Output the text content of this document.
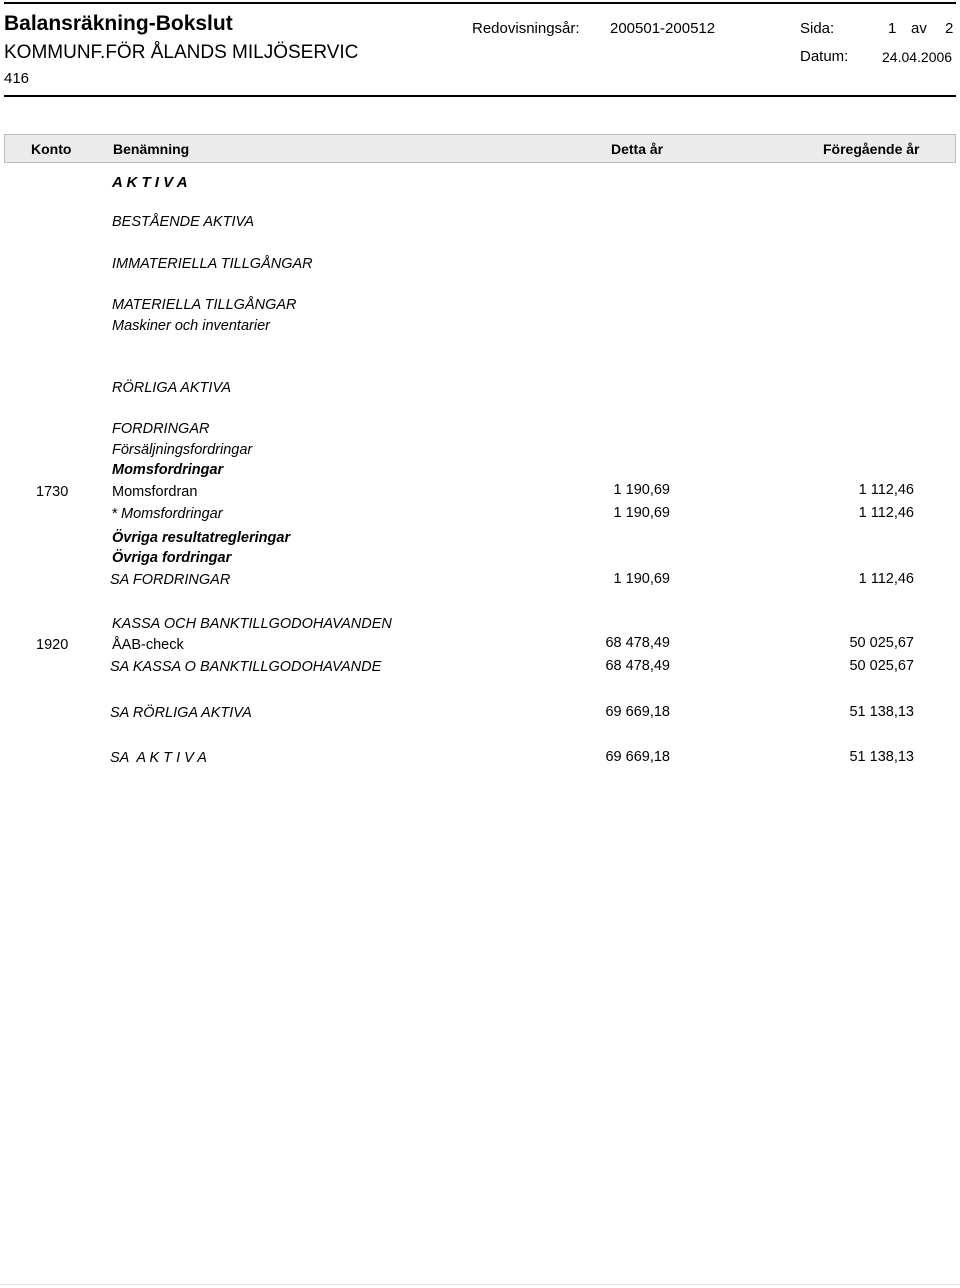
Balansräkning-Bokslut
KOMMUNF.FÖR ÅLANDS MILJÖSERVIC
416
Redovisningsår: 200501-200512	Sida:	1 av 2
Datum: 24.04.2006
Konto	Benämning	Detta år	Föregående år
A K T I V A
BESTÅENDE AKTIVA
IMMATERIELLA TILLGÅNGAR
MATERIELLA TILLGÅNGAR
Maskiner och inventarier
RÖRLIGA AKTIVA
FORDRINGAR
Försäljningsfordringar
Momsfordringar
1730	Momsfordran	1 190,69	1 112,46
* Momsfordringar	1 190,69	1 112,46
Övriga resultatregleringar
Övriga fordringar
SA FORDRINGAR	1 190,69	1 112,46
KASSA OCH BANKTILLGODOHAVANDEN
1920	ÅAB-check	68 478,49	50 025,67
SA KASSA O BANKTILLGODOHAVANDE	68 478,49	50 025,67
SA RÖRLIGA AKTIVA	69 669,18	51 138,13
SA  A K T I V A	69 669,18	51 138,13
